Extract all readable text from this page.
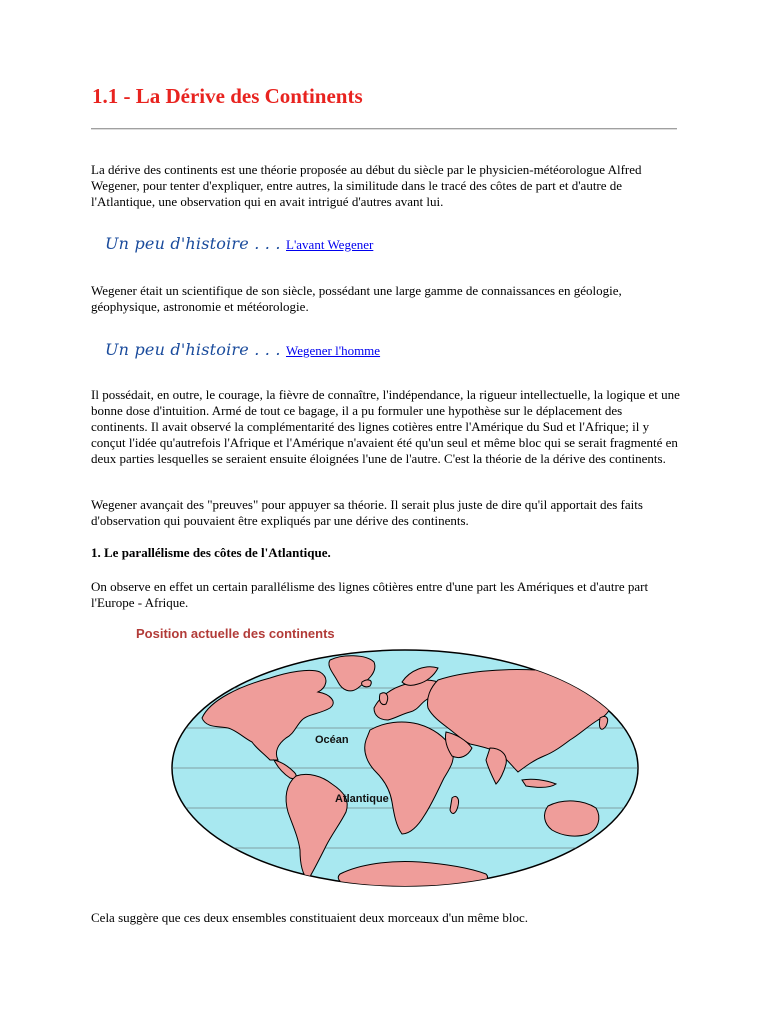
1.1 - La Dérive des Continents

La dérive des continents est une théorie proposée au début du siècle par le physicien-météorologue Alfred Wegener, pour tenter d'expliquer, entre autres, la similitude dans le tracé des côtes de part et d'autre de l'Atlantique, une observation qui en avait intrigué d'autres avant lui.

Un peu d'histoire . . . L'avant Wegener

Wegener était un scientifique de son siècle, possédant une large gamme de connaissances en géologie, géophysique, astronomie et météorologie.

Un peu d'histoire . . . Wegener l'homme

Il possédait, en outre, le courage, la fièvre de connaître, l'indépendance, la rigueur intellectuelle, la logique et une bonne dose d'intuition. Armé de tout ce bagage, il a pu formuler une hypothèse sur le déplacement des continents. Il avait observé la complémentarité des lignes cotières entre l'Amérique du Sud et l'Afrique; il y conçut l'idée qu'autrefois l'Afrique et l'Amérique n'avaient été qu'un seul et même bloc qui se serait fragmenté en deux parties lesquelles se seraient ensuite éloignées l'une de l'autre. C'est la théorie de la dérive des continents.

Wegener avançait des "preuves" pour appuyer sa théorie. Il serait plus juste de dire qu'il apportait des faits d'observation qui pouvaient être expliqués par une dérive des continents.

1. Le parallélisme des côtes de l'Atlantique.

On observe en effet un certain parallélisme des lignes côtières entre d'une part les Amériques et d'autre part l'Europe - Afrique.

Position actuelle des continents
Océan
Atlantique

Cela suggère que ces deux ensembles constituaient deux morceaux d'un même bloc.
